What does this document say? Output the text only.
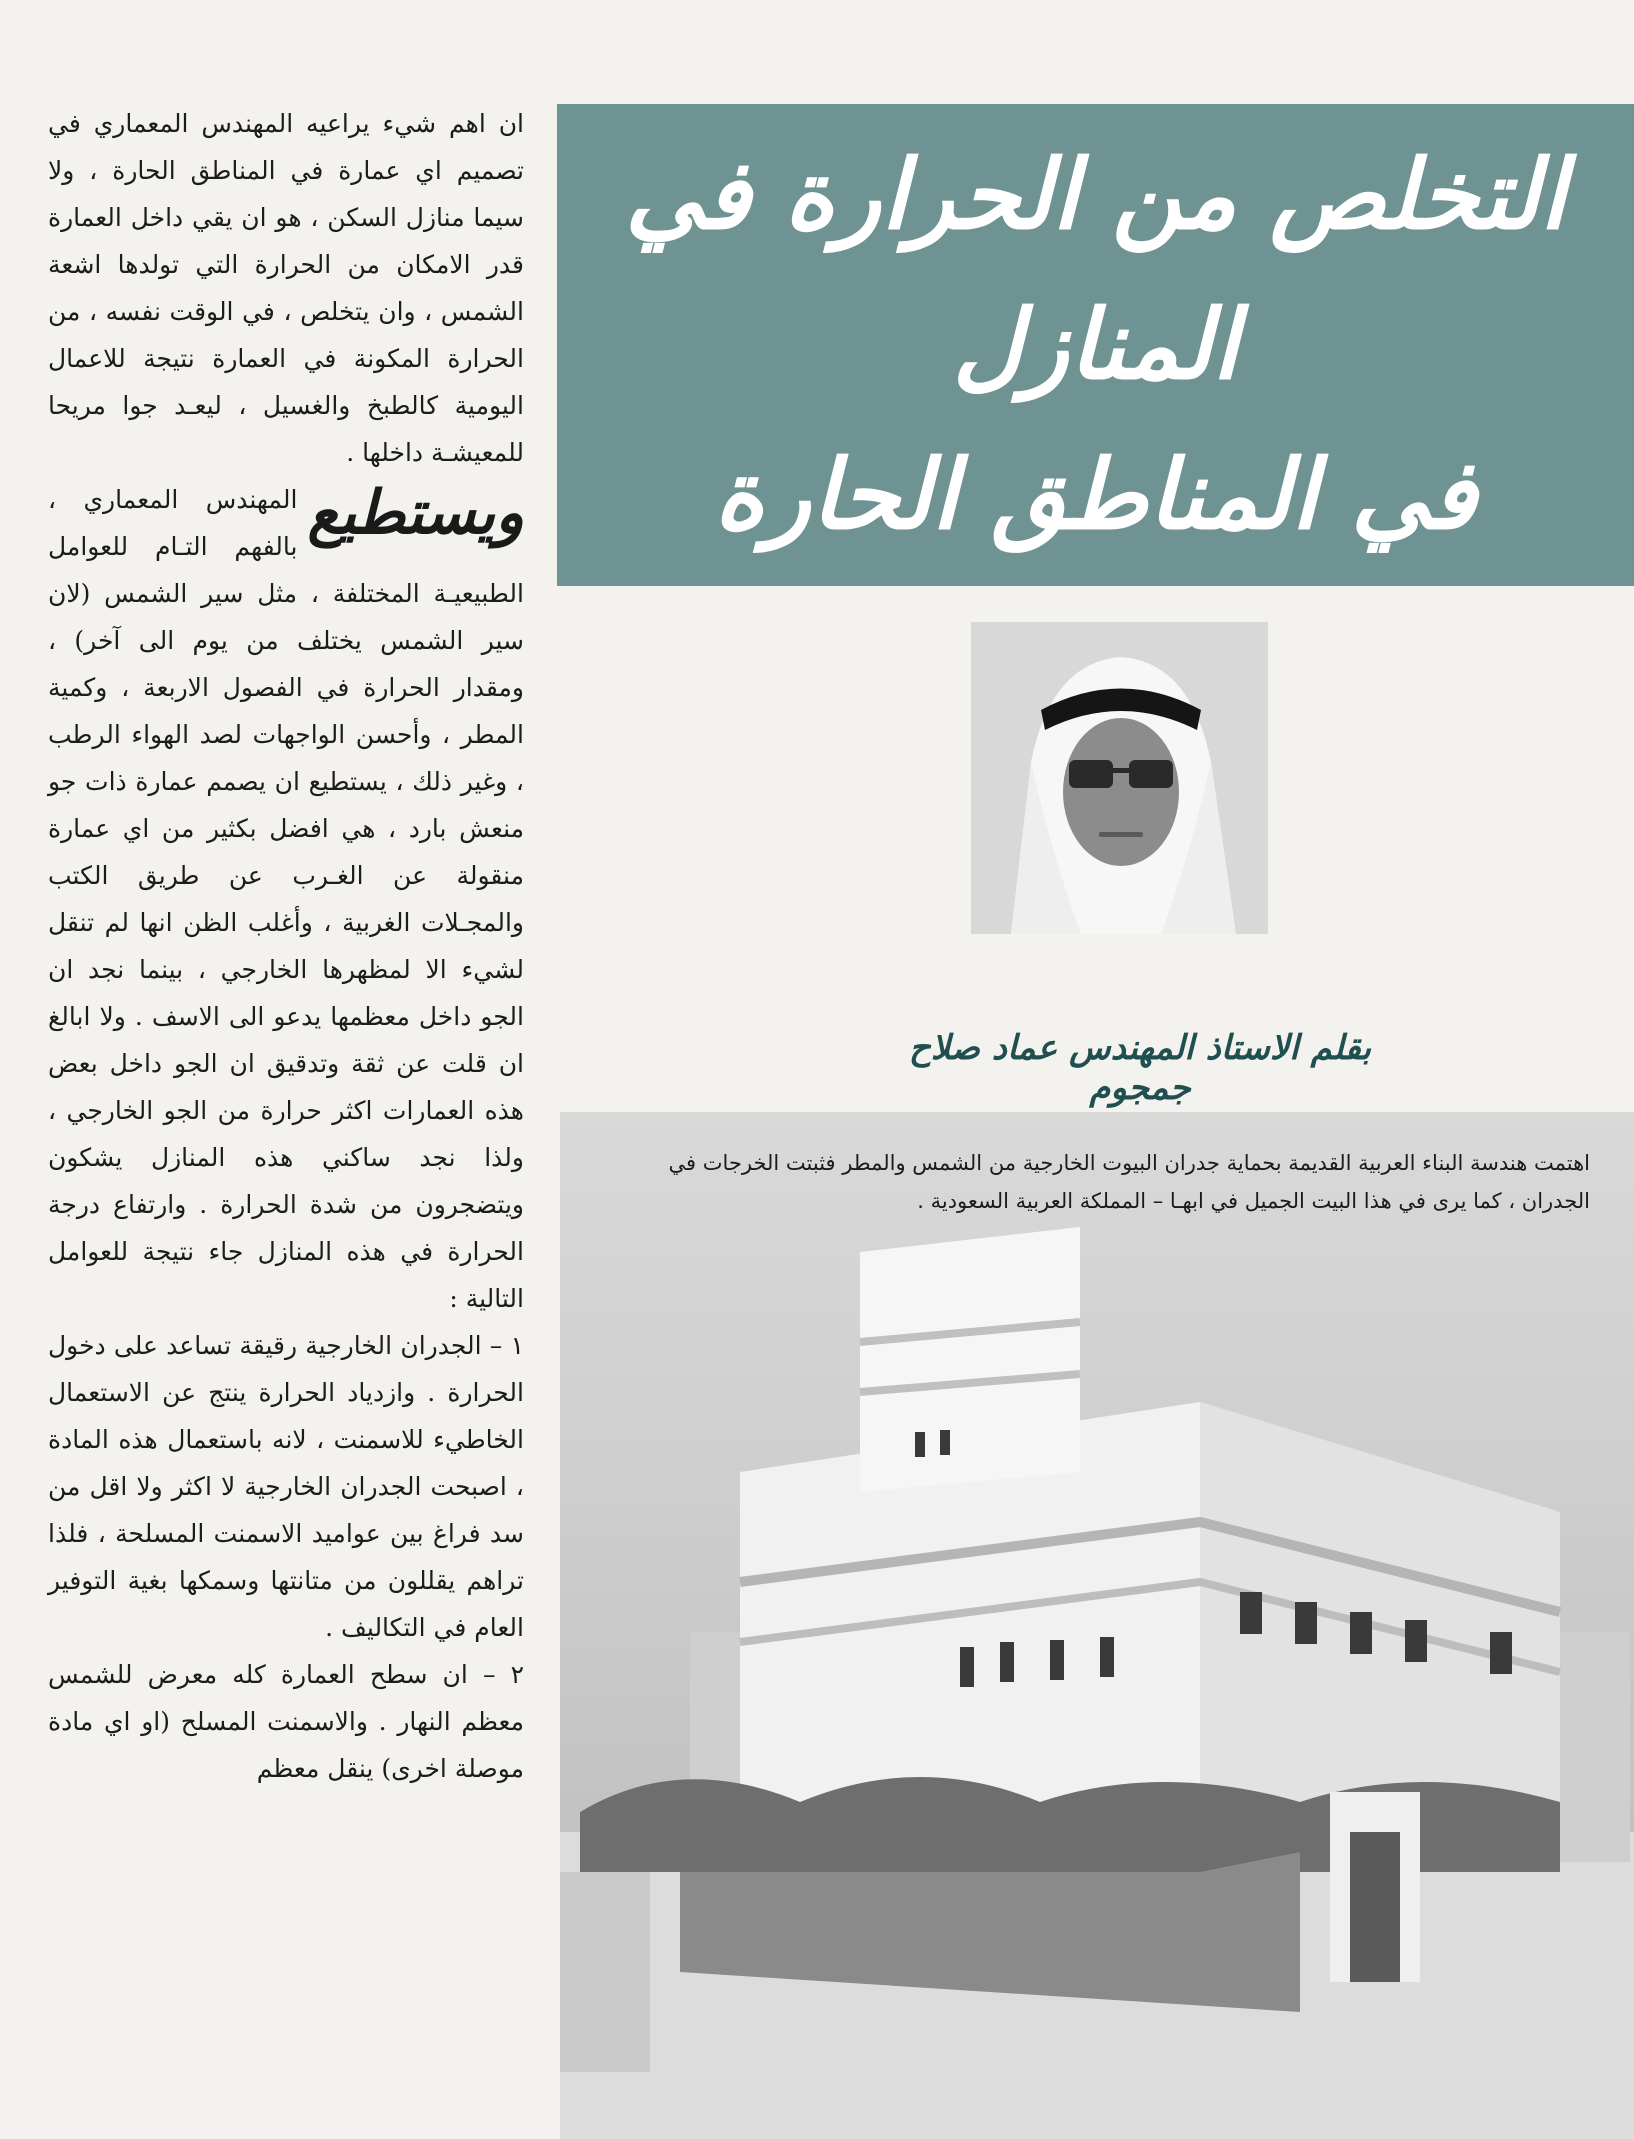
ان اهم شيء يراعيه المهندس المعماري في تصميم اي عمارة في المناطق الحارة ، ولا سيما منازل السكن ، هو ان يقي داخل العمارة قدر الامكان من الحرارة التي تولدها اشعة الشمس ، وان يتخلص ، في الوقت نفسه ، من الحرارة المكونة في العمارة نتيجة للاعمال اليومية كالطبخ والغسيل ، ليعـد جوا مريحا للمعيشـة داخلها .

ويستطيع
المهندس المعماري ، بالفهم التـام للعوامل الطبيعيـة المختلفة ، مثل سير الشمس (لان سير الشمس يختلف من يوم الى آخر) ، ومقدار الحرارة في الفصول الاربعة ، وكمية المطر ، وأحسن الواجهات لصد الهواء الرطب ، وغير ذلك ، يستطيع ان يصمم عمارة ذات جو منعش بارد ، هي افضل بكثير من اي عمارة منقولة عن الغـرب عن طريق الكتب والمجـلات الغربية ، وأغلب الظن انها لم تنقل لشيء الا لمظهرها الخارجي ، بينما نجد ان الجو داخل معظمها يدعو الى الاسف . ولا ابالغ ان قلت عن ثقة وتدقيق ان الجو داخل بعض هذه العمارات اكثر حرارة من الجو الخارجي ، ولذا نجد ساكني هذه المنازل يشكون ويتضجرون من شدة الحرارة . وارتفاع درجة الحرارة في هذه المنازل جاء نتيجة للعوامل التالية :

١ – الجدران الخارجية رقيقة تساعد على دخول الحرارة . وازدياد الحرارة ينتج عن الاستعمال الخاطيء للاسمنت ، لانه باستعمال هذه المادة ، اصبحت الجدران الخارجية لا اكثر ولا اقل من سد فراغ بين عواميد الاسمنت المسلحة ، فلذا تراهم يقللون من متانتها وسمكها بغية التوفير العام في التكاليف .

٢ – ان سطح العمارة كله معرض للشمس معظم النهار . والاسمنت المسلح (او اي مادة موصلة اخرى) ينقل معظم

التخلص من الحرارة في المنازل
في المناطق الحارة
بقلم الاستاذ المهندس عماد صلاح جمجوم
اهتمت هندسة البناء العربية القديمة بحماية جدران البيوت الخارجية من الشمس والمطر فثبتت الخرجات في الجدران ، كما يرى في هذا البيت الجميل في ابهـا – المملكة العربية السعودية .
